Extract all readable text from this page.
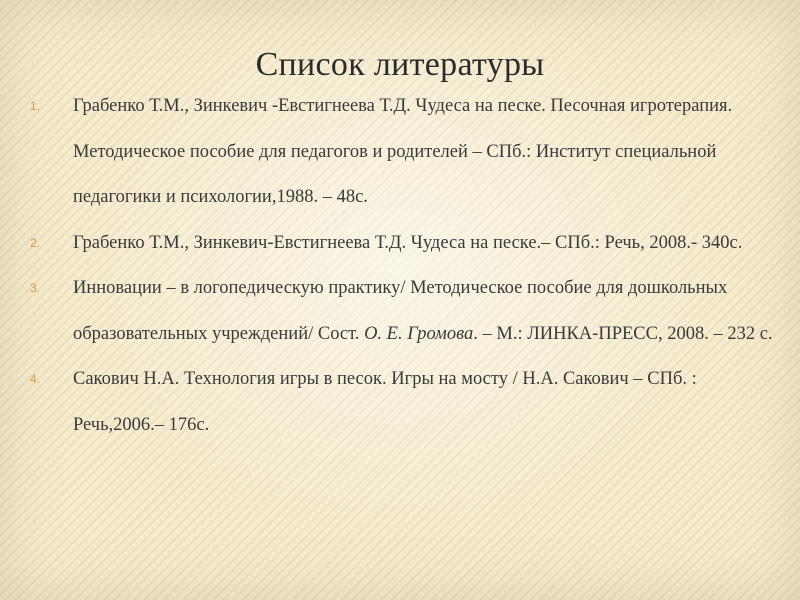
Список литературы
1. Грабенко Т.М., Зинкевич -Евстигнеева Т.Д. Чудеса на песке. Песочная игротерапия. Методическое пособие для педагогов и родителей – СПб.: Институт специальной педагогики и психологии,1988. – 48с.
2. Грабенко Т.М., Зинкевич-Евстигнеева Т.Д. Чудеса на песке.– СПб.: Речь, 2008.- 340с.
3. Инновации – в логопедическую практику/ Методическое пособие для дошкольных образовательных учреждений/ Сост. О. Е. Громова. – М.: ЛИНКА-ПРЕСС, 2008. – 232 с.
4. Сакович Н.А. Технология игры в песок. Игры на мосту / Н.А. Сакович – СПб. : Речь,2006.– 176с.
